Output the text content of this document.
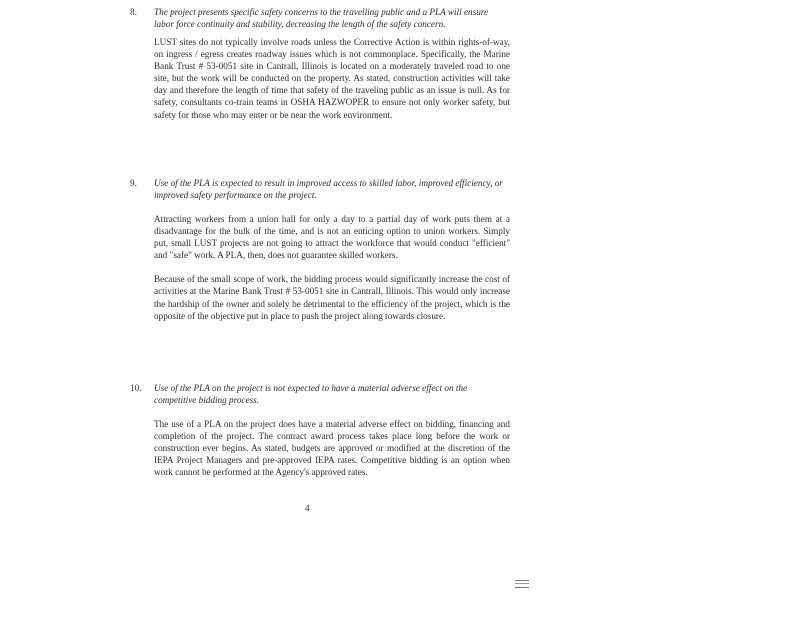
8. The project presents specific safety concerns to the travelling public and a PLA will ensure labor force continuity and stability, decreasing the length of the safety concern.

LUST sites do not typically involve roads unless the Corrective Action is within rights-of-way, on ingress / egress creates roadway issues which is not commonplace. Specifically, the Marine Bank Trust # 53-0051 site in Cantrall, Illinois is located on a moderately traveled road to one site, but the work will be conducted on the property. As stated, construction activities will take day and therefore the length of time that safety of the traveling public as an issue is null. As for safety, consultants co-train teams in OSHA HAZWOPER to ensure not only worker safety, but safety for those who may enter or be near the work environment.

9. Use of the PLA is expected to result in improved access to skilled labor, improved efficiency, or improved safety performance on the project.

Attracting workers from a union hall for only a day to a partial day of work puts them at a disadvantage for the bulk of the time, and is not an enticing option to union workers. Simply put, small LUST projects are not going to attract the workforce that would conduct "efficient" and "safe" work. A PLA, then, does not guarantee skilled workers.

Because of the small scope of work, the bidding process would significantly increase the cost of activities at the Marine Bank Trust # 53-0051 site in Cantrall, Illinois. This would only increase the hardship of the owner and solely be detrimental to the efficiency of the project, which is the opposite of the objective put in place to push the project along towards closure.

10. Use of the PLA on the project is not expected to have a material adverse effect on the competitive bidding process.

The use of a PLA on the project does have a material adverse effect on bidding, financing and completion of the project. The contract award process takes place long before the work or construction ever begins. As stated, budgets are approved or modified at the discretion of the IEPA Project Managers and pre-approved IEPA rates. Competitive bidding is an option when work cannot be performed at the Agency's approved rates.

4
